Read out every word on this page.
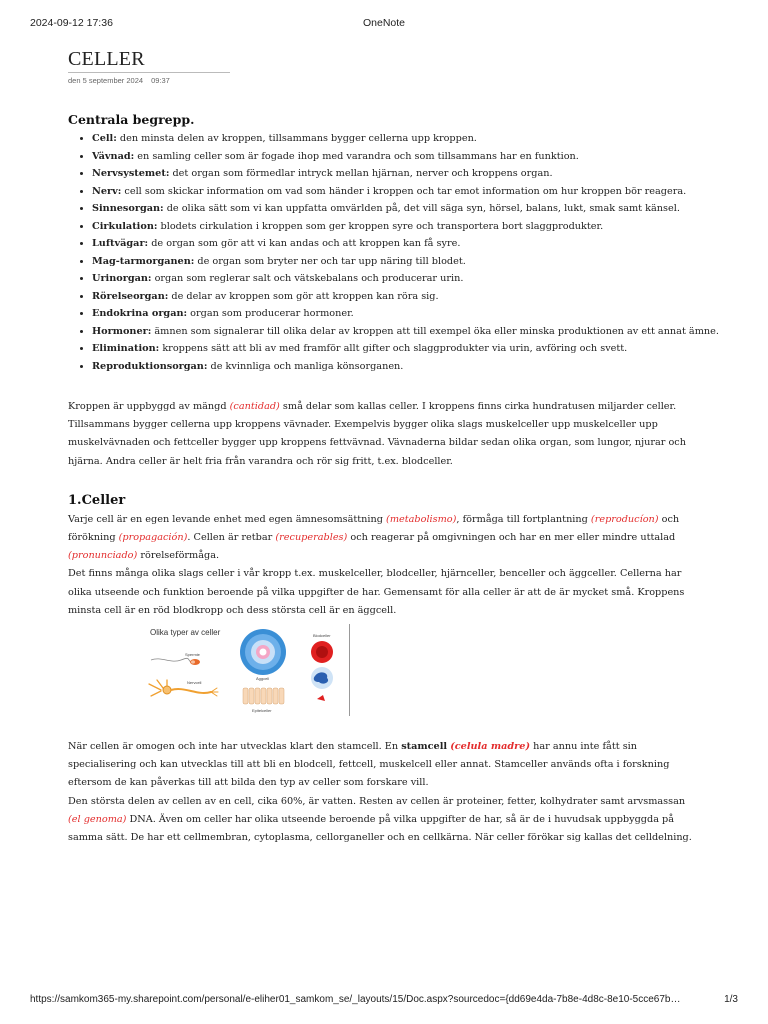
2024-09-12 17:36	OneNote
CELLER
den 5 september 2024 09:37
Centrala begrepp.
• Cell: den minsta delen av kroppen, tillsammans bygger cellerna upp kroppen.
• Vävnad: en samling celler som är fogade ihop med varandra och som tillsammans har en funktion.
• Nervsystemet: det organ som förmedlar intryck mellan hjärnan, nerver och kroppens organ.
• Nerv: cell som skickar information om vad som händer i kroppen och tar emot information om hur kroppen bör reagera.
• Sinnesorgan: de olika sätt som vi kan uppfatta omvärlden på, det vill säga syn, hörsel, balans, lukt, smak samt känsel.
• Cirkulation: blodets cirkulation i kroppen som ger kroppen syre och transportera bort slaggprodukter.
• Luftvägar: de organ som gör att vi kan andas och att kroppen kan få syre.
• Mag-tarmorganen: de organ som bryter ner och tar upp näring till blodet.
• Urinorgan: organ som reglerar salt och vätskebalans och producerar urin.
• Rörelseorgan: de delar av kroppen som gör att kroppen kan röra sig.
• Endokrina organ: organ som producerar hormoner.
• Hormoner: ämnen som signalerar till olika delar av kroppen att till exempel öka eller minska produktionen av ett annat ämne.
• Elimination: kroppens sätt att bli av med framför allt gifter och slaggprodukter via urin, avföring och svett.
• Reproduktionsorgan: de kvinnliga och manliga könsorganen.

Kroppen är uppbyggd av mängd (cantidad) små delar som kallas celler. I kroppens finns cirka hundratusen miljarder celler. Tillsammans bygger cellerna upp kroppens vävnader. Exempelvis bygger olika slags muskelceller upp muskelceller upp muskelvävnaden och fettceller bygger upp kroppens fettvävnad. Vävnaderna bildar sedan olika organ, som lungor, njurar och hjärna. Andra celler är helt fria från varandra och rör sig fritt, t.ex. blodceller.

1.Celler

Varje cell är en egen levande enhet med egen ämnesomsättning (metabolismo), förmåga till fortplantning (reproducíon) och förökning (propagación). Cellen är retbar (recuperables) och reagerar på omgivningen och har en mer eller mindre uttalad (pronunciado) rörelseförmåga.

Det finns många olika slags celler i vår kropp t.ex. muskelceller, blodceller, hjärnceller, benceller och äggceller. Cellerna har olika utseende och funktion beroende på vilka uppgifter de har. Gemensamt för alla celler är att de är mycket små. Kroppens minsta cell är en röd blodkropp och dess största cell är en äggcell.

Olika typer av celler
Spermie
Nervcell
Äggcell
Epitelceller
Blodceller

När cellen är omogen och inte har utvecklas klart den stamcell. En stamcell (celula madre) har annu inte fått sin specialisering och kan utvecklas till att bli en blodcell, fettcell, muskelcell eller annat. Stamceller används ofta i forskning eftersom de kan påverkas till att bilda den typ av celler som forskare vill.

Den största delen av cellen av en cell, cika 60%, är vatten. Resten av cellen är proteiner, fetter, kolhydrater samt arvsmassan (el genoma) DNA. Även om celler har olika utseende beroende på vilka uppgifter de har, så är de i huvudsak uppbyggda på samma sätt. De har ett cellmembran, cytoplasma, cellorganeller och en cellkärna. När celler förökar sig kallas det celldelning.

https://samkom365-my.sharepoint.com/personal/e-eliher01_samkom_se/_layouts/15/Doc.aspx?sourcedoc={dd69e4da-7b8e-4d8c-8e10-5cce67b…	1/3
